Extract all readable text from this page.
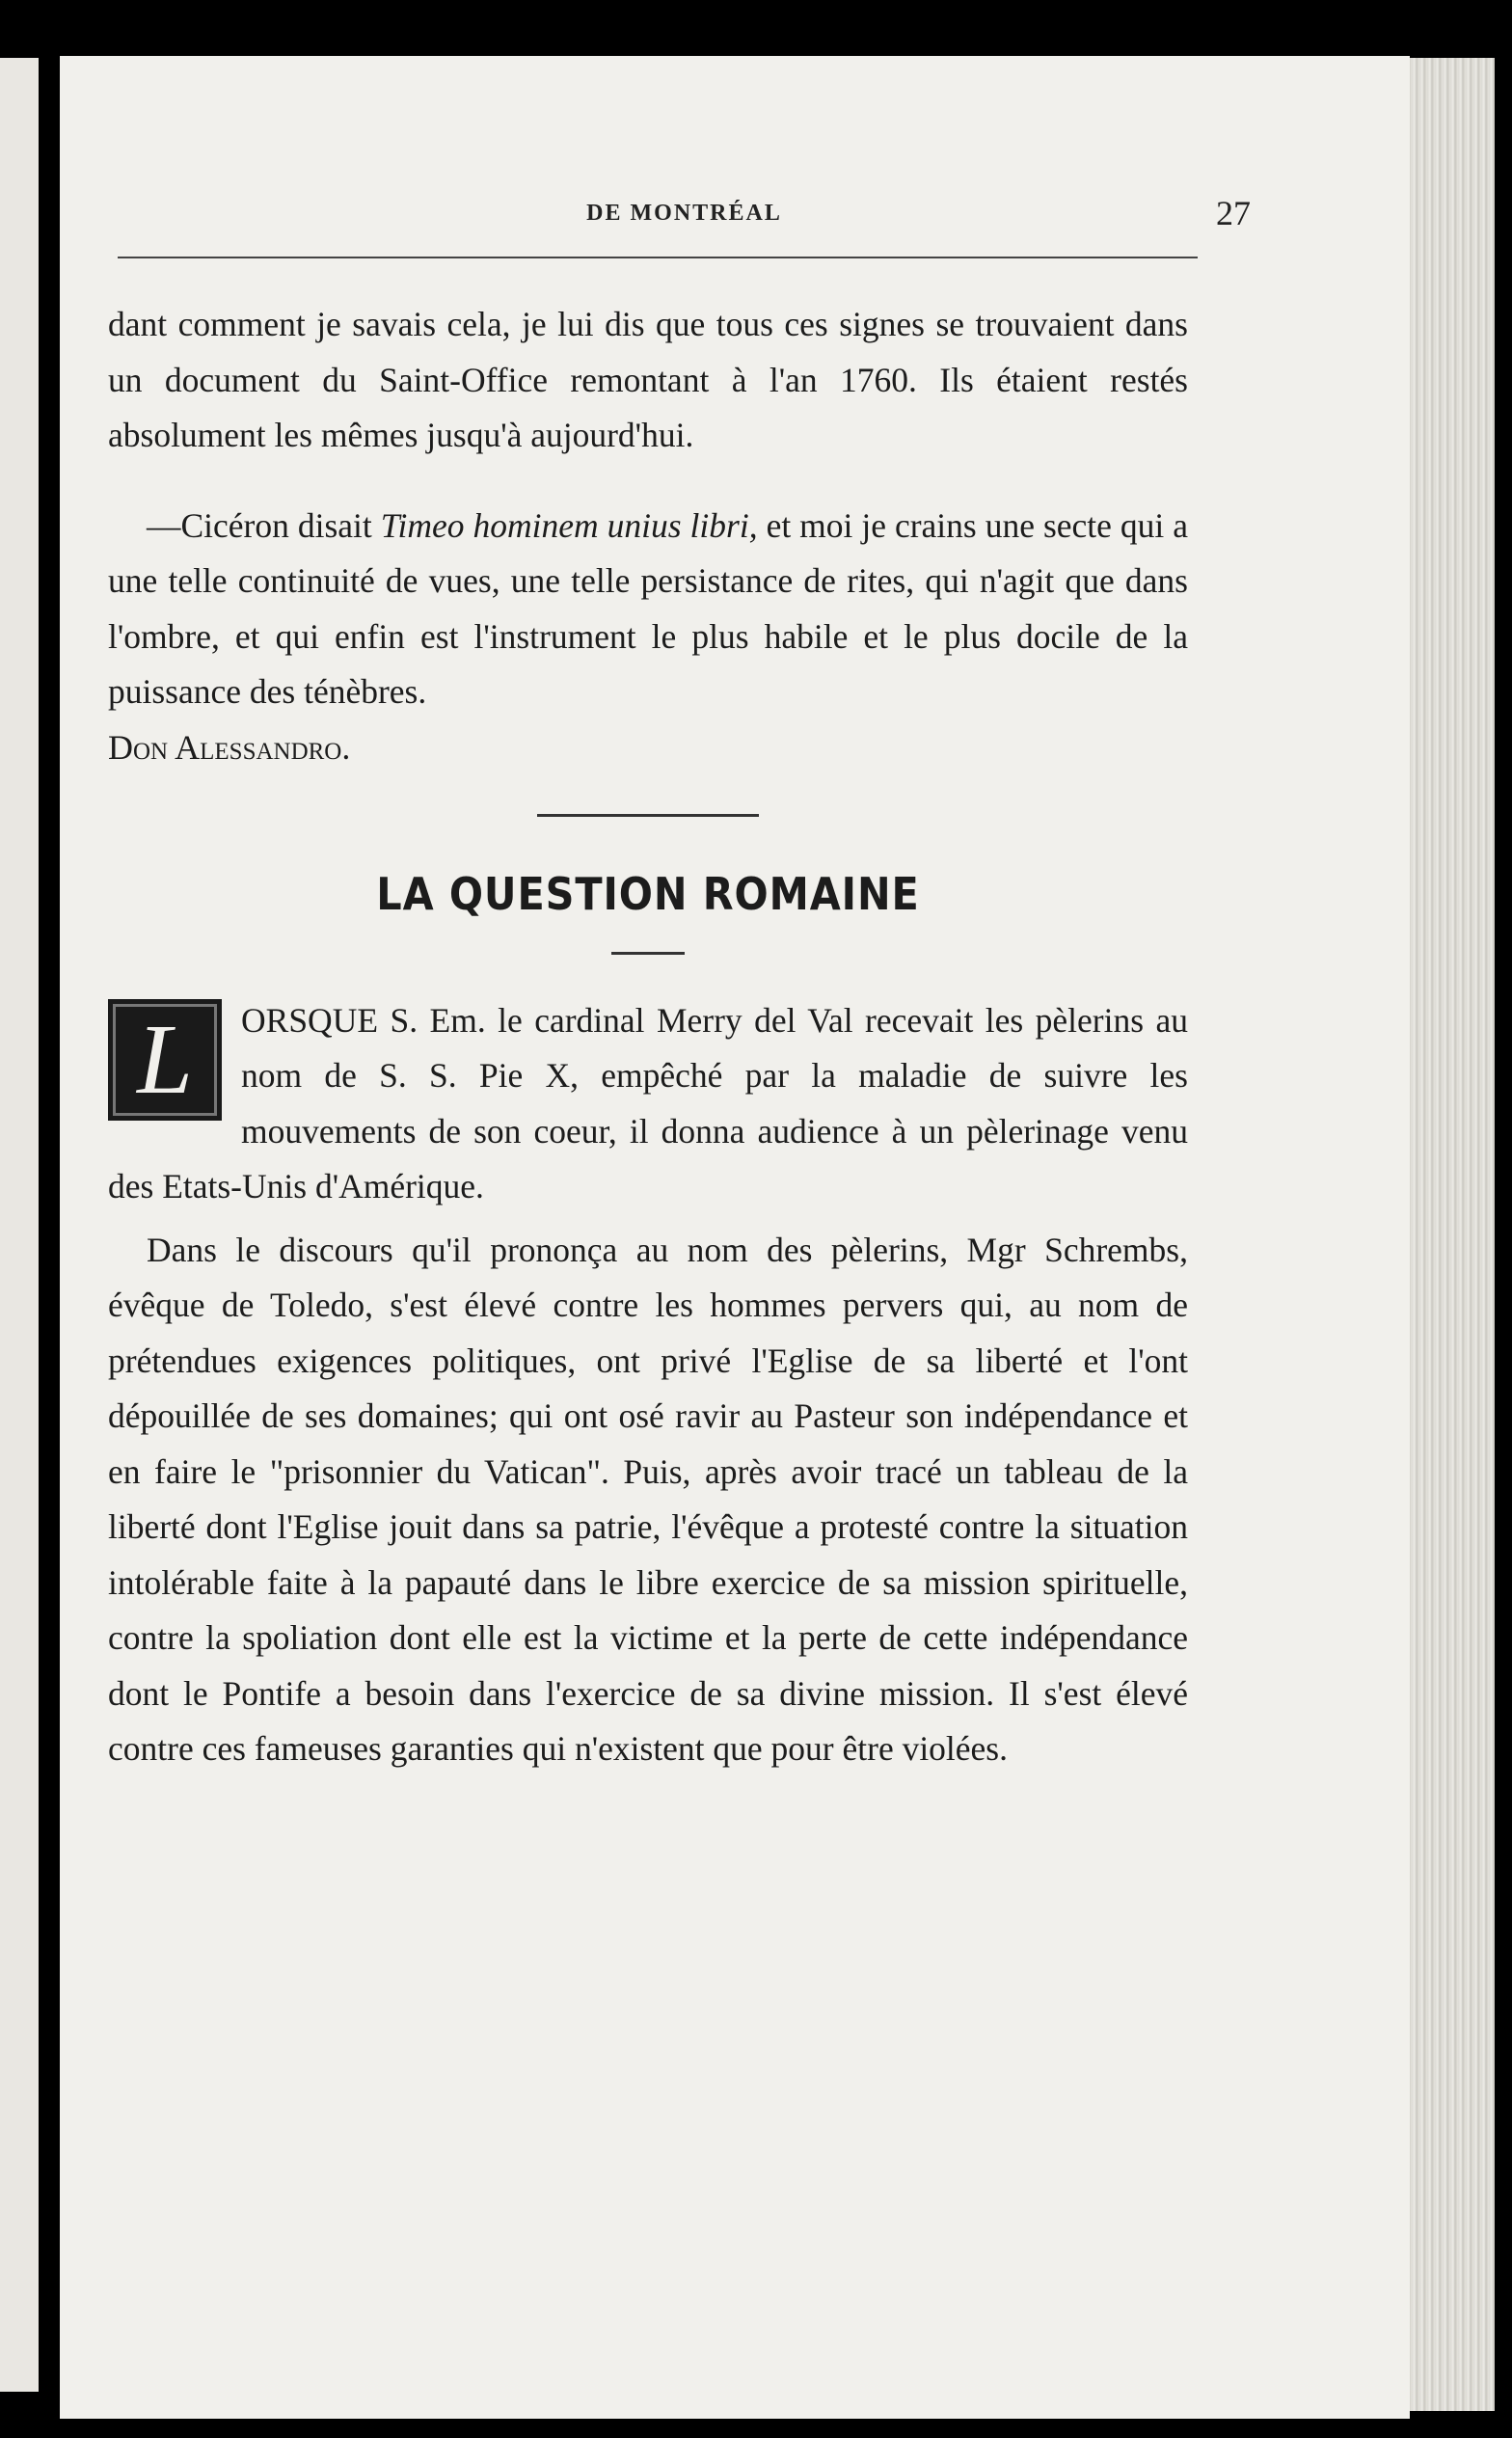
DE MONTRÉAL	27

dant comment je savais cela, je lui dis que tous ces signes se trouvaient dans un document du Saint-Office remontant à l'an 1760. Ils étaient restés absolument les mêmes jusqu'à aujourd'hui.

—Cicéron disait Timeo hominem unius libri, et moi je crains une secte qui a une telle continuité de vues, une telle persistance de rites, qui n'agit que dans l'ombre, et qui enfin est l'instrument le plus habile et le plus docile de la puissance des ténèbres.

Don Alessandro.

LA QUESTION ROMAINE

L	ORSQUE S. Em. le cardinal Merry del Val recevait les pèlerins au nom de S. S. Pie X, empêché par la maladie de suivre les mouvements de son coeur, il donna audience à un pèlerinage venu des Etats-Unis d'Amérique.

Dans le discours qu'il prononça au nom des pèlerins, Mgr Schrembs, évêque de Toledo, s'est élevé contre les hommes pervers qui, au nom de prétendues exigences politiques, ont privé l'Eglise de sa liberté et l'ont dépouillée de ses domaines; qui ont osé ravir au Pasteur son indépendance et en faire le "prisonnier du Vatican". Puis, après avoir tracé un tableau de la liberté dont l'Eglise jouit dans sa patrie, l'évêque a protesté contre la situation intolérable faite à la papauté dans le libre exercice de sa mission spirituelle, contre la spoliation dont elle est la victime et la perte de cette indépendance dont le Pontife a besoin dans l'exercice de sa divine mission. Il s'est élevé contre ces fameuses garanties qui n'existent que pour être violées.
